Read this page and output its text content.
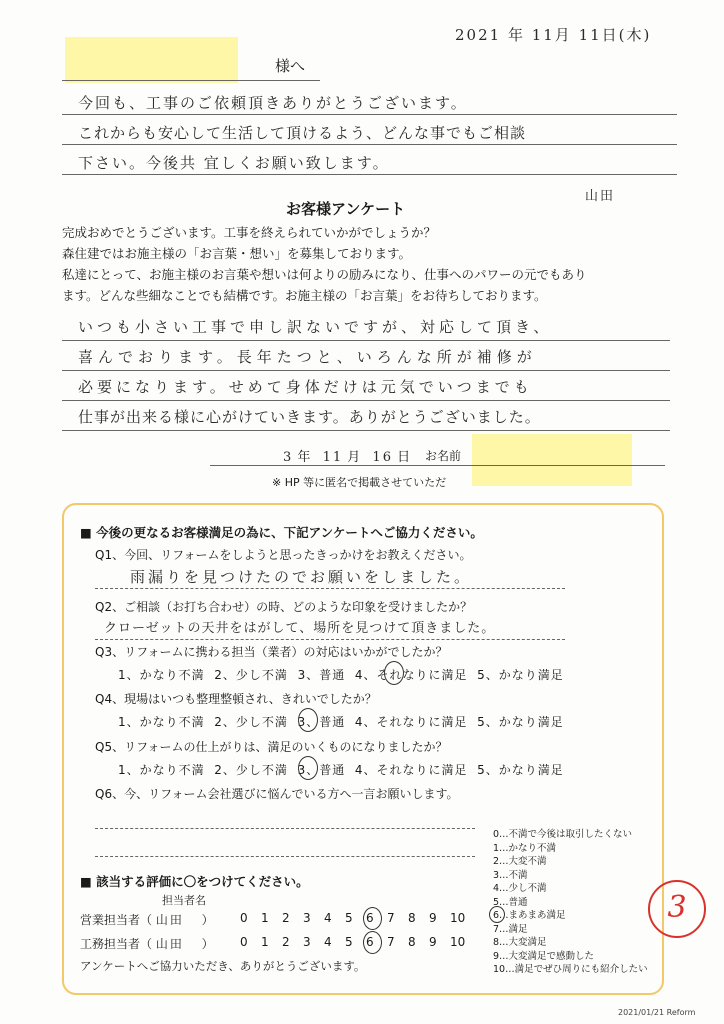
2021 年 11月 11日(木)
様へ
今回も、工事のご依頼頂きありがとうございます。
これからも安心して生活して頂けるよう、どんな事でもご相談
下さい。今後共 宜しくお願い致します。
山田
お客様アンケート
完成おめでとうございます。工事を終えられていかがでしょうか？
森住建ではお施主様の「お言葉・想い」を募集しております。
私達にとって、お施主様のお言葉や想いは何よりの励みになり、仕事へのパワーの元でもあり
ます。どんな些細なことでも結構です。お施主様の「お言葉」をお待ちしております。
いつも小さい工事で申し訳ないですが、対応して頂き、
喜んでおります。長年たつと、いろんな所が補修が
必要になります。せめて身体だけは元気でいつまでも
仕事が出来る様に心がけていきます。ありがとうございました。
3 年 11 月 16 日 お名前
※ HP 等に匿名で掲載させていただ
■ 今後の更なるお客様満足の為に、下記アンケートへご協力ください。
Q1、今回、リフォームをしようと思ったきっかけをお教えください。
雨漏りを見つけたのでお願いをしました。
Q2、ご相談（お打ち合わせ）の時、どのような印象を受けましたか？
クローゼットの天井をはがして、場所を見つけて頂きました。
Q3、リフォームに携わる担当（業者）の対応はいかがでしたか？
1、かなり不満 2、少し不満 3、普通 4、それなりに満足 5、かなり満足
Q4、現場はいつも整理整頓され、きれいでしたか？
1、かなり不満 2、少し不満 3、普通 4、それなりに満足 5、かなり満足
Q5、リフォームの仕上がりは、満足のいくものになりましたか？
1、かなり不満 2、少し不満 3、普通 4、それなりに満足 5、かなり満足
Q6、今、リフォーム会社選びに悩んでいる方へ一言お願いします。
■ 該当する評価に〇をつけてください。
担当者名
営業担当者（ 山田 ）
工務担当者（ 山田 ）
0 1 2 3 4 5 6 7 8 9 10
0 1 2 3 4 5 6 7 8 9 10
アンケートへご協力いただき、ありがとうございます。
0…不満で今後は取引したくない
1…かなり不満
2…大変不満
3…不満
4…少し不満
5…普通
6…まあまあ満足
7…満足
8…大変満足
9…大変満足で感動した
10…満足でぜひ周りにも紹介したい
3
2021/01/21 Reform
